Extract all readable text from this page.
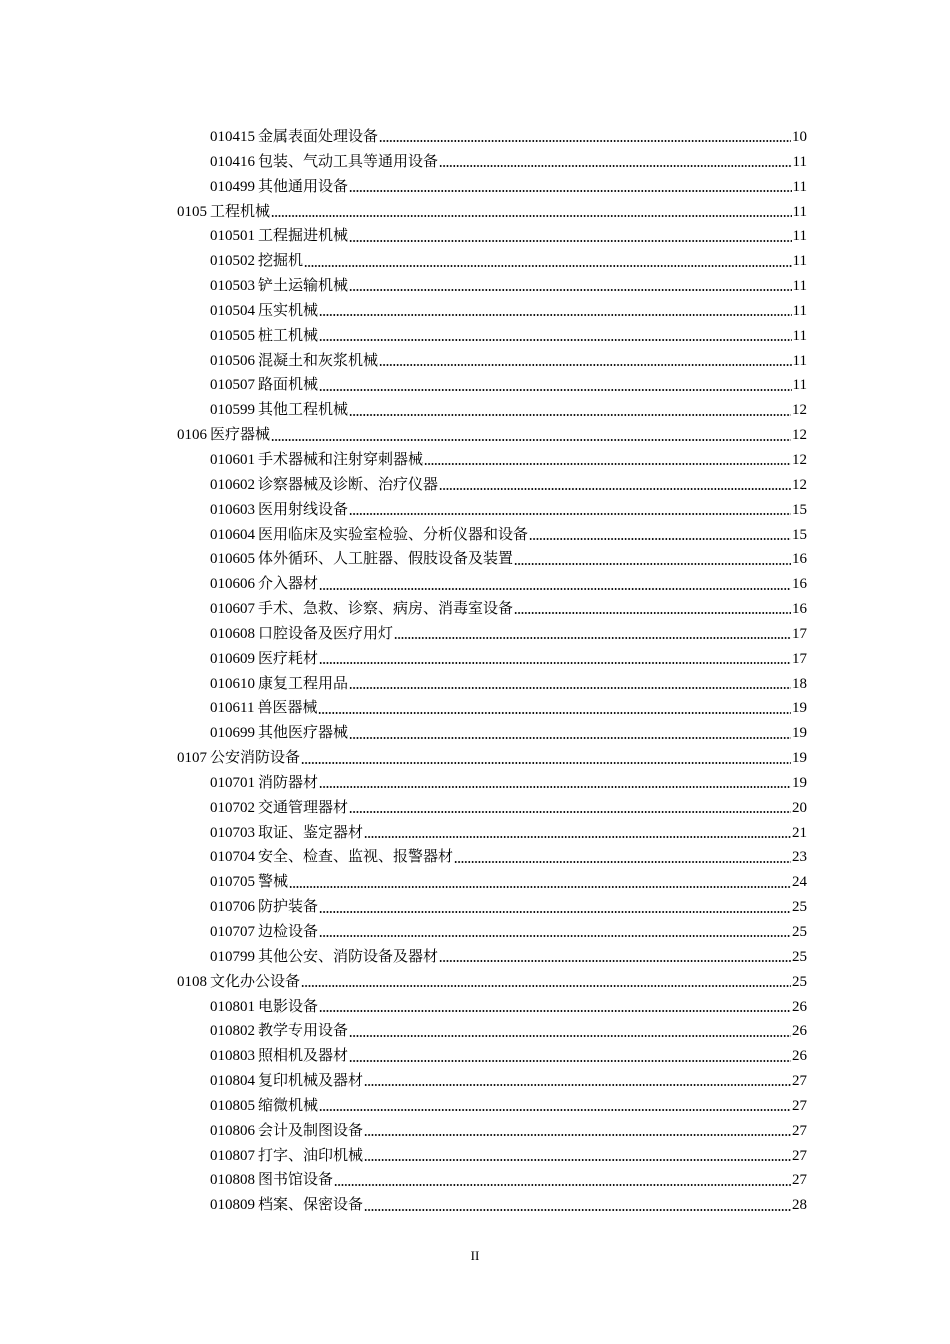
010415 金属表面处理设备	10
010416 包装、气动工具等通用设备	11
010499 其他通用设备	11
0105 工程机械	11
010501 工程掘进机械	11
010502 挖掘机	11
010503 铲土运输机械	11
010504 压实机械	11
010505 桩工机械	11
010506 混凝土和灰浆机械	11
010507 路面机械	11
010599 其他工程机械	12
0106 医疗器械	12
010601 手术器械和注射穿刺器械	12
010602 诊察器械及诊断、治疗仪器	12
010603 医用射线设备	15
010604 医用临床及实验室检验、分析仪器和设备	15
010605 体外循环、人工脏器、假肢设备及装置	16
010606 介入器材	16
010607 手术、急救、诊察、病房、消毒室设备	16
010608 口腔设备及医疗用灯	17
010609 医疗耗材	17
010610 康复工程用品	18
010611 兽医器械	19
010699 其他医疗器械	19
0107 公安消防设备	19
010701 消防器材	19
010702 交通管理器材	20
010703 取证、鉴定器材	21
010704 安全、检查、监视、报警器材	23
010705 警械	24
010706 防护装备	25
010707 边检设备	25
010799 其他公安、消防设备及器材	25
0108 文化办公设备	25
010801 电影设备	26
010802 教学专用设备	26
010803 照相机及器材	26
010804 复印机械及器材	27
010805 缩微机械	27
010806 会计及制图设备	27
010807 打字、油印机械	27
010808 图书馆设备	27
010809 档案、保密设备	28
II
